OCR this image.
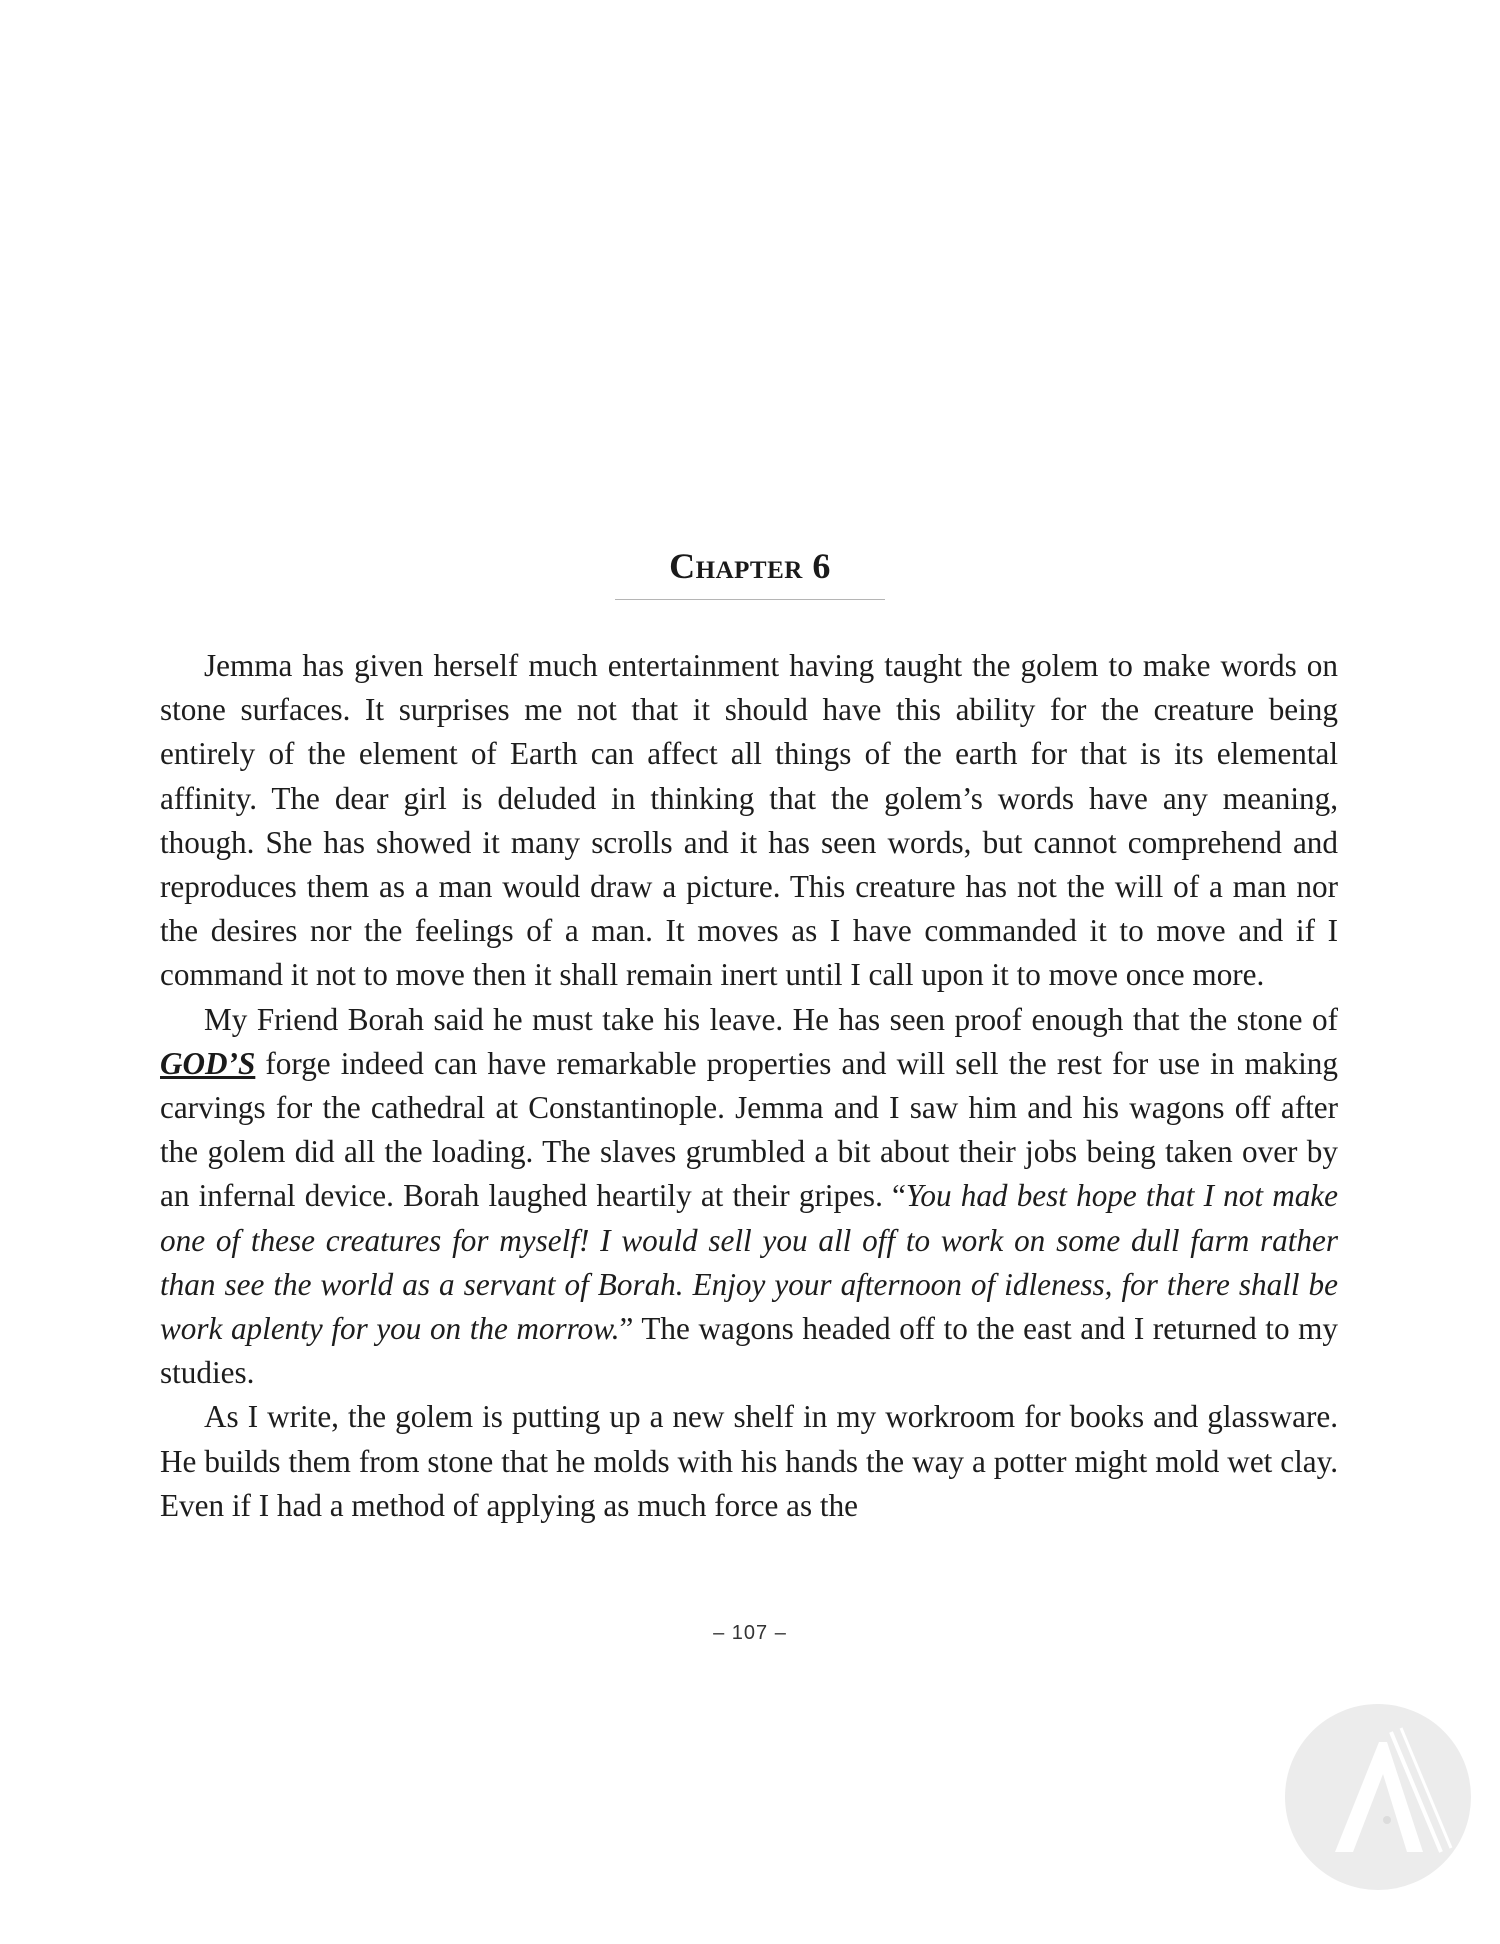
Chapter 6

Jemma has given herself much entertainment having taught the golem to make words on stone surfaces. It surprises me not that it should have this ability for the creature being entirely of the element of Earth can affect all things of the earth for that is its elemental affinity. The dear girl is deluded in thinking that the golem’s words have any meaning, though. She has showed it many scrolls and it has seen words, but cannot comprehend and reproduces them as a man would draw a picture. This creature has not the will of a man nor the desires nor the feelings of a man. It moves as I have commanded it to move and if I command it not to move then it shall remain inert until I call upon it to move once more.

My Friend Borah said he must take his leave. He has seen proof enough that the stone of GOD’S forge indeed can have remarkable properties and will sell the rest for use in making carvings for the cathedral at Constantinople. Jemma and I saw him and his wagons off after the golem did all the loading. The slaves grumbled a bit about their jobs being taken over by an infernal device. Borah laughed heartily at their gripes. “You had best hope that I not make one of these creatures for myself! I would sell you all off to work on some dull farm rather than see the world as a servant of Borah. Enjoy your afternoon of idleness, for there shall be work aplenty for you on the morrow.” The wagons headed off to the east and I returned to my studies.

As I write, the golem is putting up a new shelf in my workroom for books and glassware. He builds them from stone that he molds with his hands the way a potter might mold wet clay. Even if I had a method of applying as much force as the

– 107 –
